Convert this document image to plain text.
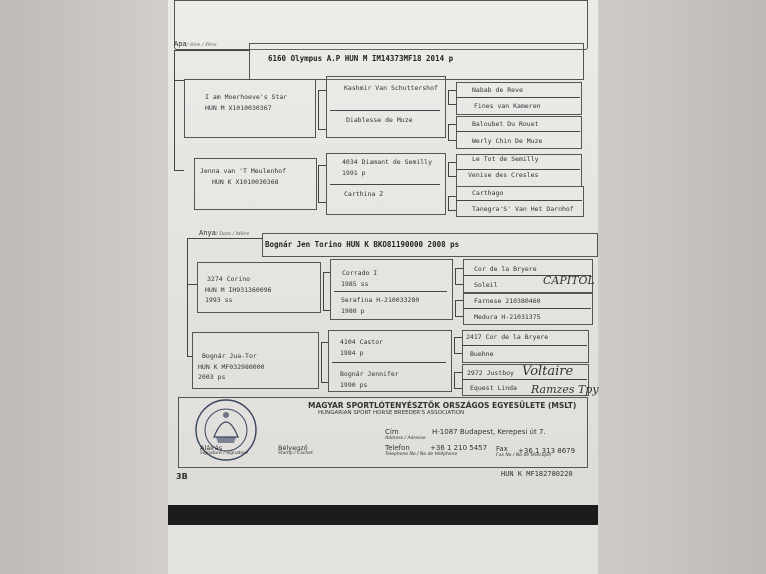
Apa/ Sire / Père
6160 Olympus A.P HUN M IM14373MF18 2014 p
I am Moerhoeve's Star
HUN M X1010030367
Jenna van 'T Meulenhof
HUN K X1010030368
Kashmir Van Schuttershof
Diablesse de Muze
4034 Diamant de Semilly
1991 p
Carthina Z
Nabab de Reve
Fines van Kameren
Baloubet Du Rouet
Werly Chin De Muze
Le Tot de Semilly
Venise des Cresles
Carthago
Tanegra'S' Van Het Darnhof
Anya/ Dam / Mère
Bognár Jen Torino HUN K BKO81190000 2008 ps
3274 Corino
HUN M IH931360096
1993 ss
Bognár Jua-Tor
HUN K MF032980000
2003 ps
Corrado I
1985 ss
Serafina H-210033280
1980 p
4104 Castor
1984 p
Bognár Jennifer
1990 ps
Cor de la Bryere
Soleil
Farnese 210380460
Medura H-21031375
2417 Cor de la Bryere
Buehne
2972 Justboy
Equest Linda
CAPITOL
Voltaire
Ramzes Tpy
MAGYAR SPORTLÓTENYÉSZTŐK ORSZÁGOS EGYESÜLETE (MSLT)
HUNGARIAN SPORT HORSE BREEDER'S ASSOCIATION
Cím
Address / Adresse
H-1087 Budapest, Kerepesi út 7.
Telefon
Telephone No / No de téléphone
+36 1 210 5457 Fax
Fax No / No de télécopie
+36 1 313 8679
Aláírás
Signature / Signature
Bélyegző
Stamp / Cachet
3B	HUN K MF182780220
